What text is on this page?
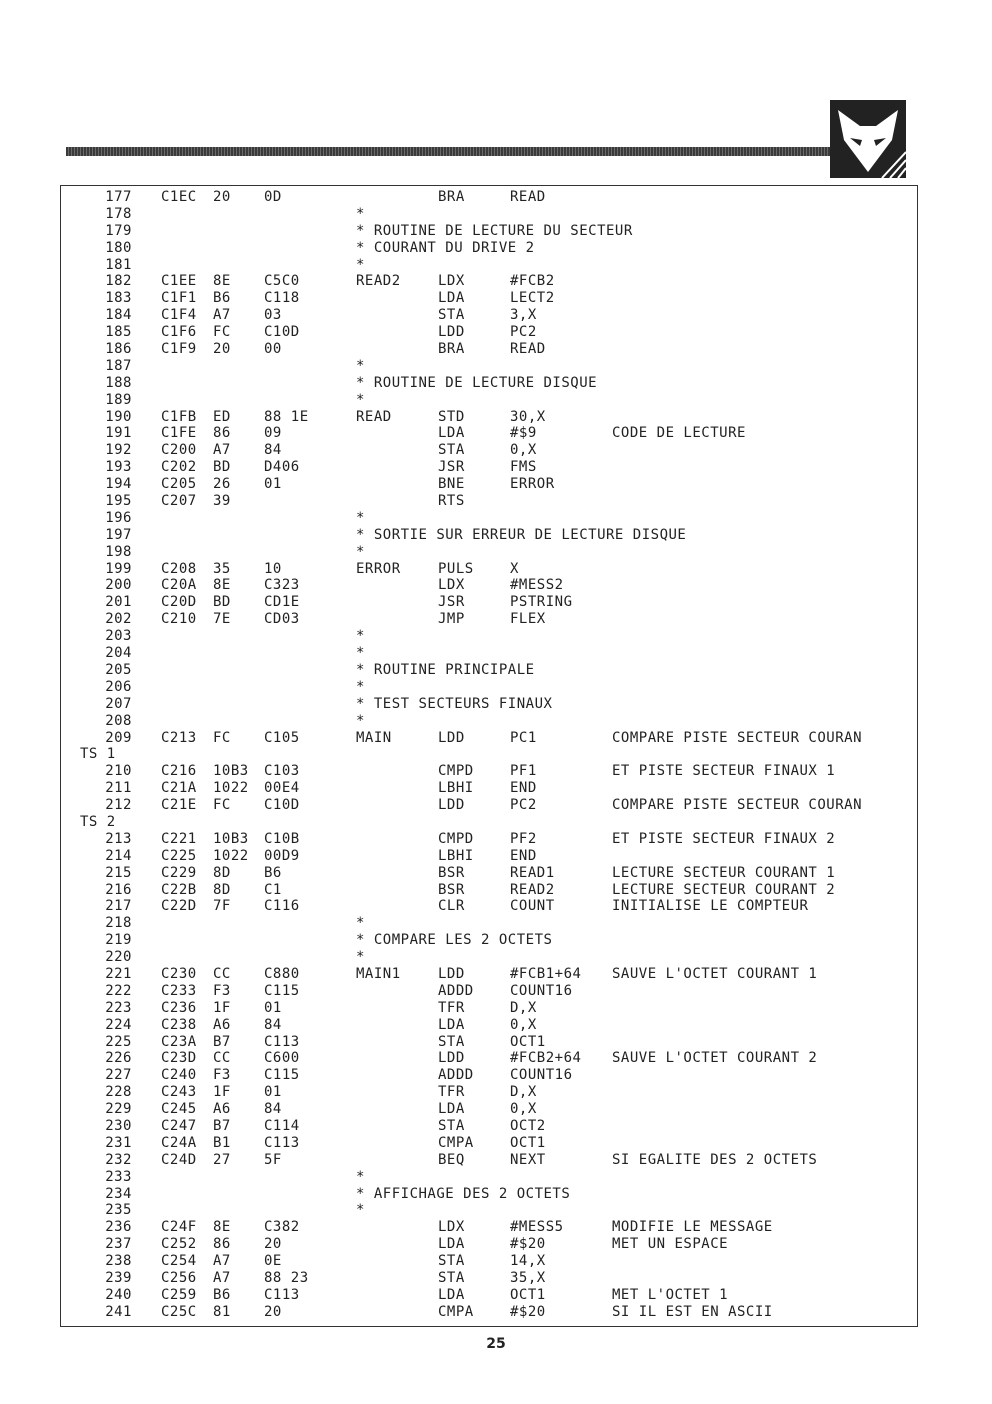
177 C1EC 20 0D	BRA	READ
178	*
179	* ROUTINE DE LECTURE DU SECTEUR
180	* COURANT DU DRIVE 2
181	*
182 C1EE 8E C5C0	READ2	LDX	#FCB2
183 C1F1 B6 C118	LDA	LECT2
184 C1F4 A7 03	STA	3,X
185 C1F6 FC C10D	LDD	PC2
186 C1F9 20 00	BRA	READ
187	*
188	* ROUTINE DE LECTURE DISQUE
189	*
190 C1FB ED 88 1E	READ	STD	30,X
191 C1FE 86 09	LDA	#$9	CODE DE LECTURE
192 C200 A7 84	STA	0,X
193 C202 BD D406	JSR	FMS
194 C205 26 01	BNE	ERROR
195 C207 39	RTS
196	*
197	* SORTIE SUR ERREUR DE LECTURE DISQUE
198	*
199 C208 35 10	ERROR	PULS	X
200 C20A 8E C323	LDX	#MESS2
201 C20D BD CD1E	JSR	PSTRING
202 C210 7E CD03	JMP	FLEX
203	*
204	*
205	* ROUTINE PRINCIPALE
206	*
207	* TEST SECTEURS FINAUX
208	*
209 C213 FC C105	MAIN	LDD	PC1	COMPARE PISTE SECTEUR COURAN
TS 1
210 C216 10B3 C103	CMPD	PF1	ET PISTE SECTEUR FINAUX 1
211 C21A 1022 00E4	LBHI	END
212 C21E FC C10D	LDD	PC2	COMPARE PISTE SECTEUR COURAN
TS 2
213 C221 10B3 C10B	CMPD	PF2	ET PISTE SECTEUR FINAUX 2
214 C225 1022 00D9	LBHI	END
215 C229 8D B6	BSR	READ1	LECTURE SECTEUR COURANT 1
216 C22B 8D C1	BSR	READ2	LECTURE SECTEUR COURANT 2
217 C22D 7F C116	CLR	COUNT	INITIALISE LE COMPTEUR
218	*
219	* COMPARE LES 2 OCTETS
220	*
221 C230 CC C880	MAIN1	LDD	#FCB1+64 SAUVE L'OCTET COURANT 1
222 C233 F3 C115	ADDD	COUNT16
223 C236 1F 01	TFR	D,X
224 C238 A6 84	LDA	0,X
225 C23A B7 C113	STA	OCT1
226 C23D CC C600	LDD	#FCB2+64 SAUVE L'OCTET COURANT 2
227 C240 F3 C115	ADDD	COUNT16
228 C243 1F 01	TFR	D,X
229 C245 A6 84	LDA	0,X
230 C247 B7 C114	STA	OCT2
231 C24A B1 C113	CMPA	OCT1
232 C24D 27 5F	BEQ	NEXT	SI EGALITE DES 2 OCTETS
233	*
234	* AFFICHAGE DES 2 OCTETS
235	*
236 C24F 8E C382	LDX	#MESS5	MODIFIE LE MESSAGE
237 C252 86 20	LDA	#$20	MET UN ESPACE
238 C254 A7 0E	STA	14,X
239 C256 A7 88 23	STA	35,X
240 C259 B6 C113	LDA	OCT1	MET L'OCTET 1
241 C25C 81 20	CMPA	#$20	SI IL EST EN ASCII
25
